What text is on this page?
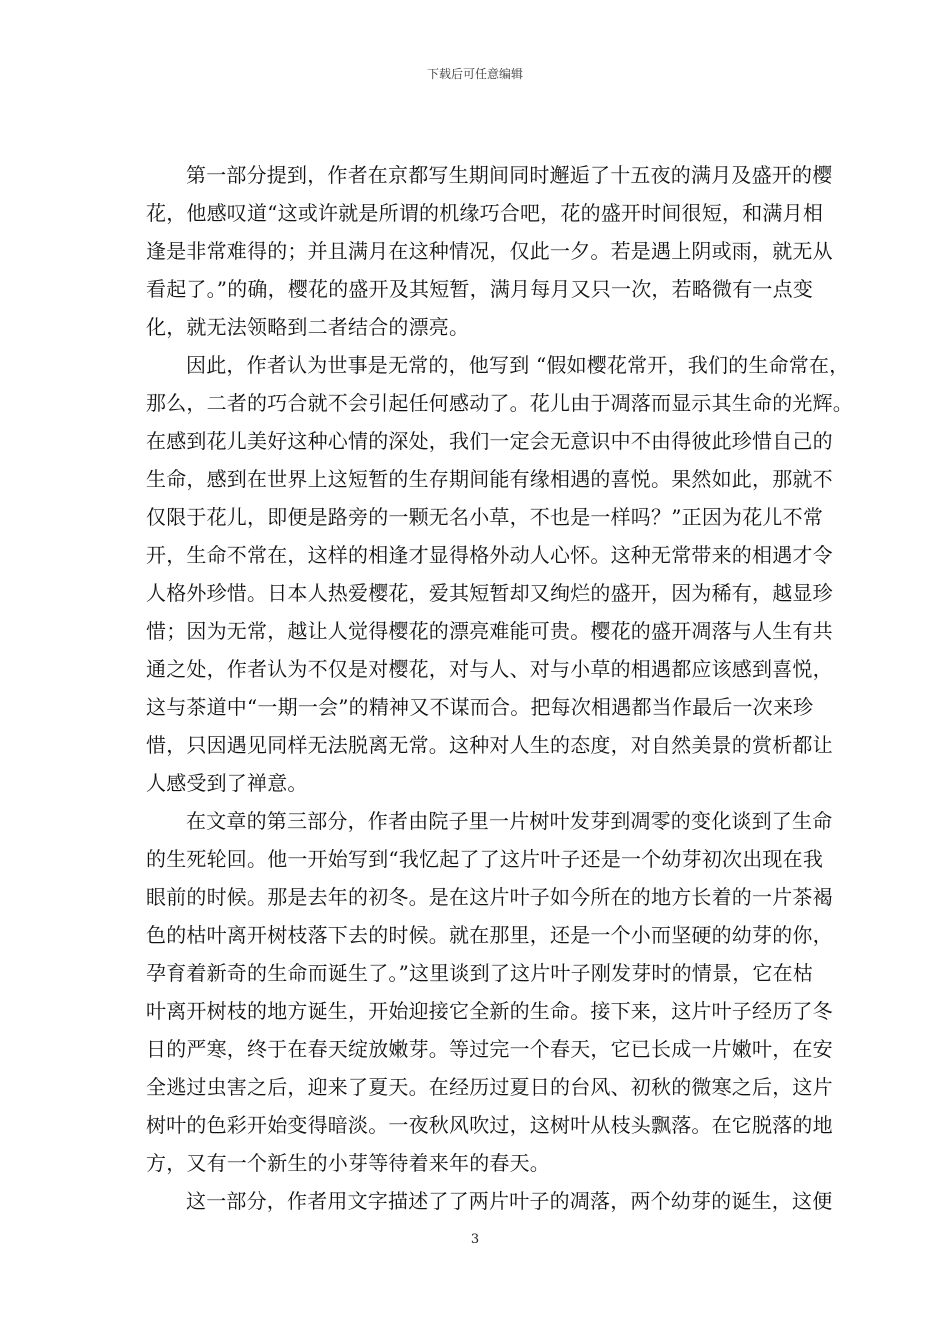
下载后可任意编辑

第一部分提到，作者在京都写生期间同时邂逅了十五夜的满月及盛开的樱
花，他感叹道“这或许就是所谓的机缘巧合吧，花的盛开时间很短，和满月相
逢是非常难得的；并且满月在这种情况，仅此一夕。若是遇上阴或雨，就无从
看起了。”的确，樱花的盛开及其短暂，满月每月又只一次，若略微有一点变
化，就无法领略到二者结合的漂亮。

因此，作者认为世事是无常的，他写到 “假如樱花常开，我们的生命常在，
那么，二者的巧合就不会引起任何感动了。花儿由于凋落而显示其生命的光辉。
在感到花儿美好这种心情的深处，我们一定会无意识中不由得彼此珍惜自己的
生命，感到在世界上这短暂的生存期间能有缘相遇的喜悦。果然如此，那就不
仅限于花儿，即便是路旁的一颗无名小草，不也是一样吗？”正因为花儿不常
开，生命不常在，这样的相逢才显得格外动人心怀。这种无常带来的相遇才令
人格外珍惜。日本人热爱樱花，爱其短暂却又绚烂的盛开，因为稀有，越显珍
惜；因为无常，越让人觉得樱花的漂亮难能可贵。樱花的盛开凋落与人生有共
通之处，作者认为不仅是对樱花，对与人、对与小草的相遇都应该感到喜悦，
这与茶道中“一期一会”的精神又不谋而合。把每次相遇都当作最后一次来珍
惜，只因遇见同样无法脱离无常。这种对人生的态度，对自然美景的赏析都让
人感受到了禅意。

在文章的第三部分，作者由院子里一片树叶发芽到凋零的变化谈到了生命
的生死轮回。他一开始写到“我忆起了了这片叶子还是一个幼芽初次出现在我
眼前的时候。那是去年的初冬。是在这片叶子如今所在的地方长着的一片茶褐
色的枯叶离开树枝落下去的时候。就在那里，还是一个小而坚硬的幼芽的你，
孕育着新奇的生命而诞生了。”这里谈到了这片叶子刚发芽时的情景，它在枯
叶离开树枝的地方诞生，开始迎接它全新的生命。接下来，这片叶子经历了冬
日的严寒，终于在春天绽放嫩芽。等过完一个春天，它已长成一片嫩叶，在安
全逃过虫害之后，迎来了夏天。在经历过夏日的台风、初秋的微寒之后，这片
树叶的色彩开始变得暗淡。一夜秋风吹过，这树叶从枝头飘落。在它脱落的地
方，又有一个新生的小芽等待着来年的春天。

这一部分，作者用文字描述了了两片叶子的凋落，两个幼芽的诞生，这便

3
